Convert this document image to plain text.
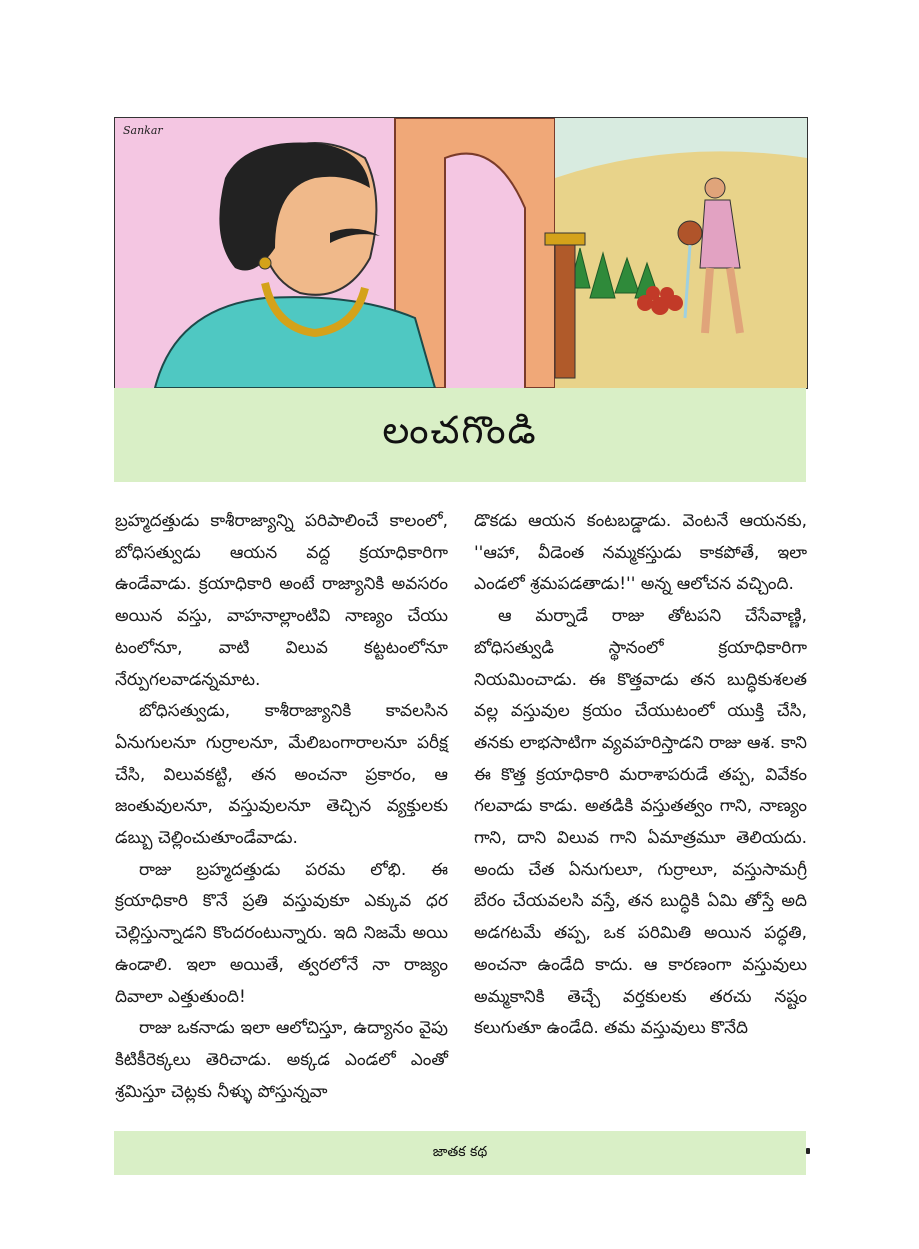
Sankar
లంచగొండి

బ్రహ్మదత్తుడు కాశీరాజ్యాన్ని పరిపాలించే కాలంలో, బోధిసత్వుడు ఆయన వద్ద క్రయాధికారిగా ఉండేవాడు. క్రయాధికారి అంటే రాజ్యానికి అవసరం అయిన వస్తు, వాహనాల్లాంటివి నాణ్యం చేయు టంలోనూ, వాటి విలువ కట్టటంలోనూ నేర్పుగలవాడన్నమాట.

బోధిసత్వుడు, కాశీరాజ్యానికి కావలసిన ఏనుగులనూ గుర్రాలనూ, మేలిబంగారాలనూ పరీక్ష చేసి, విలువకట్టి, తన అంచనా ప్రకారం, ఆ జంతువులనూ, వస్తువులనూ తెచ్చిన వ్యక్తులకు డబ్బు చెల్లించుతూండేవాడు.

రాజు బ్రహ్మదత్తుడు పరమ లోభి. ఈ క్రయాధికారి కొనే ప్రతి వస్తువుకూ ఎక్కువ ధర చెల్లిస్తున్నాడని కొందరంటున్నారు. ఇది నిజమే అయి ఉండాలి. ఇలా అయితే, త్వరలోనే నా రాజ్యం దివాలా ఎత్తుతుంది!

రాజు ఒకనాడు ఇలా ఆలోచిస్తూ, ఉద్యానం వైపు కిటికీరెక్కలు తెరిచాడు. అక్కడ ఎండలో ఎంతో శ్రమిస్తూ చెట్లకు నీళ్ళు పోస్తున్నవా

డొకడు ఆయన కంటబడ్డాడు. వెంటనే ఆయనకు, ''ఆహా, వీడెంత నమ్మకస్తుడు కాకపోతే, ఇలా ఎండలో శ్రమపడతాడు!'' అన్న ఆలోచన వచ్చింది.

ఆ మర్నాడే రాజు తోటపని చేసేవాణ్ణి, బోధిసత్వుడి స్థానంలో క్రయాధికారిగా నియమించాడు. ఈ కొత్తవాడు తన బుద్ధికుశలత వల్ల వస్తువుల క్రయం చేయుటంలో యుక్తి చేసి, తనకు లాభసాటిగా వ్యవహరిస్తాడని రాజు ఆశ. కాని ఈ కొత్త క్రయాధికారి మరాశాపరుడే తప్ప, వివేకం గలవాడు కాడు. అతడికి వస్తుతత్వం గాని, నాణ్యం గాని, దాని విలువ గాని ఏమాత్రమూ తెలియదు. అందు చేత ఏనుగులూ, గుర్రాలూ, వస్తుసామగ్రీ బేరం చేయవలసి వస్తే, తన బుద్ధికి ఏమి తోస్తే అది అడగటమే తప్ప, ఒక పరిమితి అయిన పద్ధతి, అంచనా ఉండేది కాదు. ఆ కారణంగా వస్తువులు అమ్మకానికి తెచ్చే వర్తకులకు తరచు నష్టం కలుగుతూ ఉండేది. తమ వస్తువులు కొనేది

జాతక కథ
